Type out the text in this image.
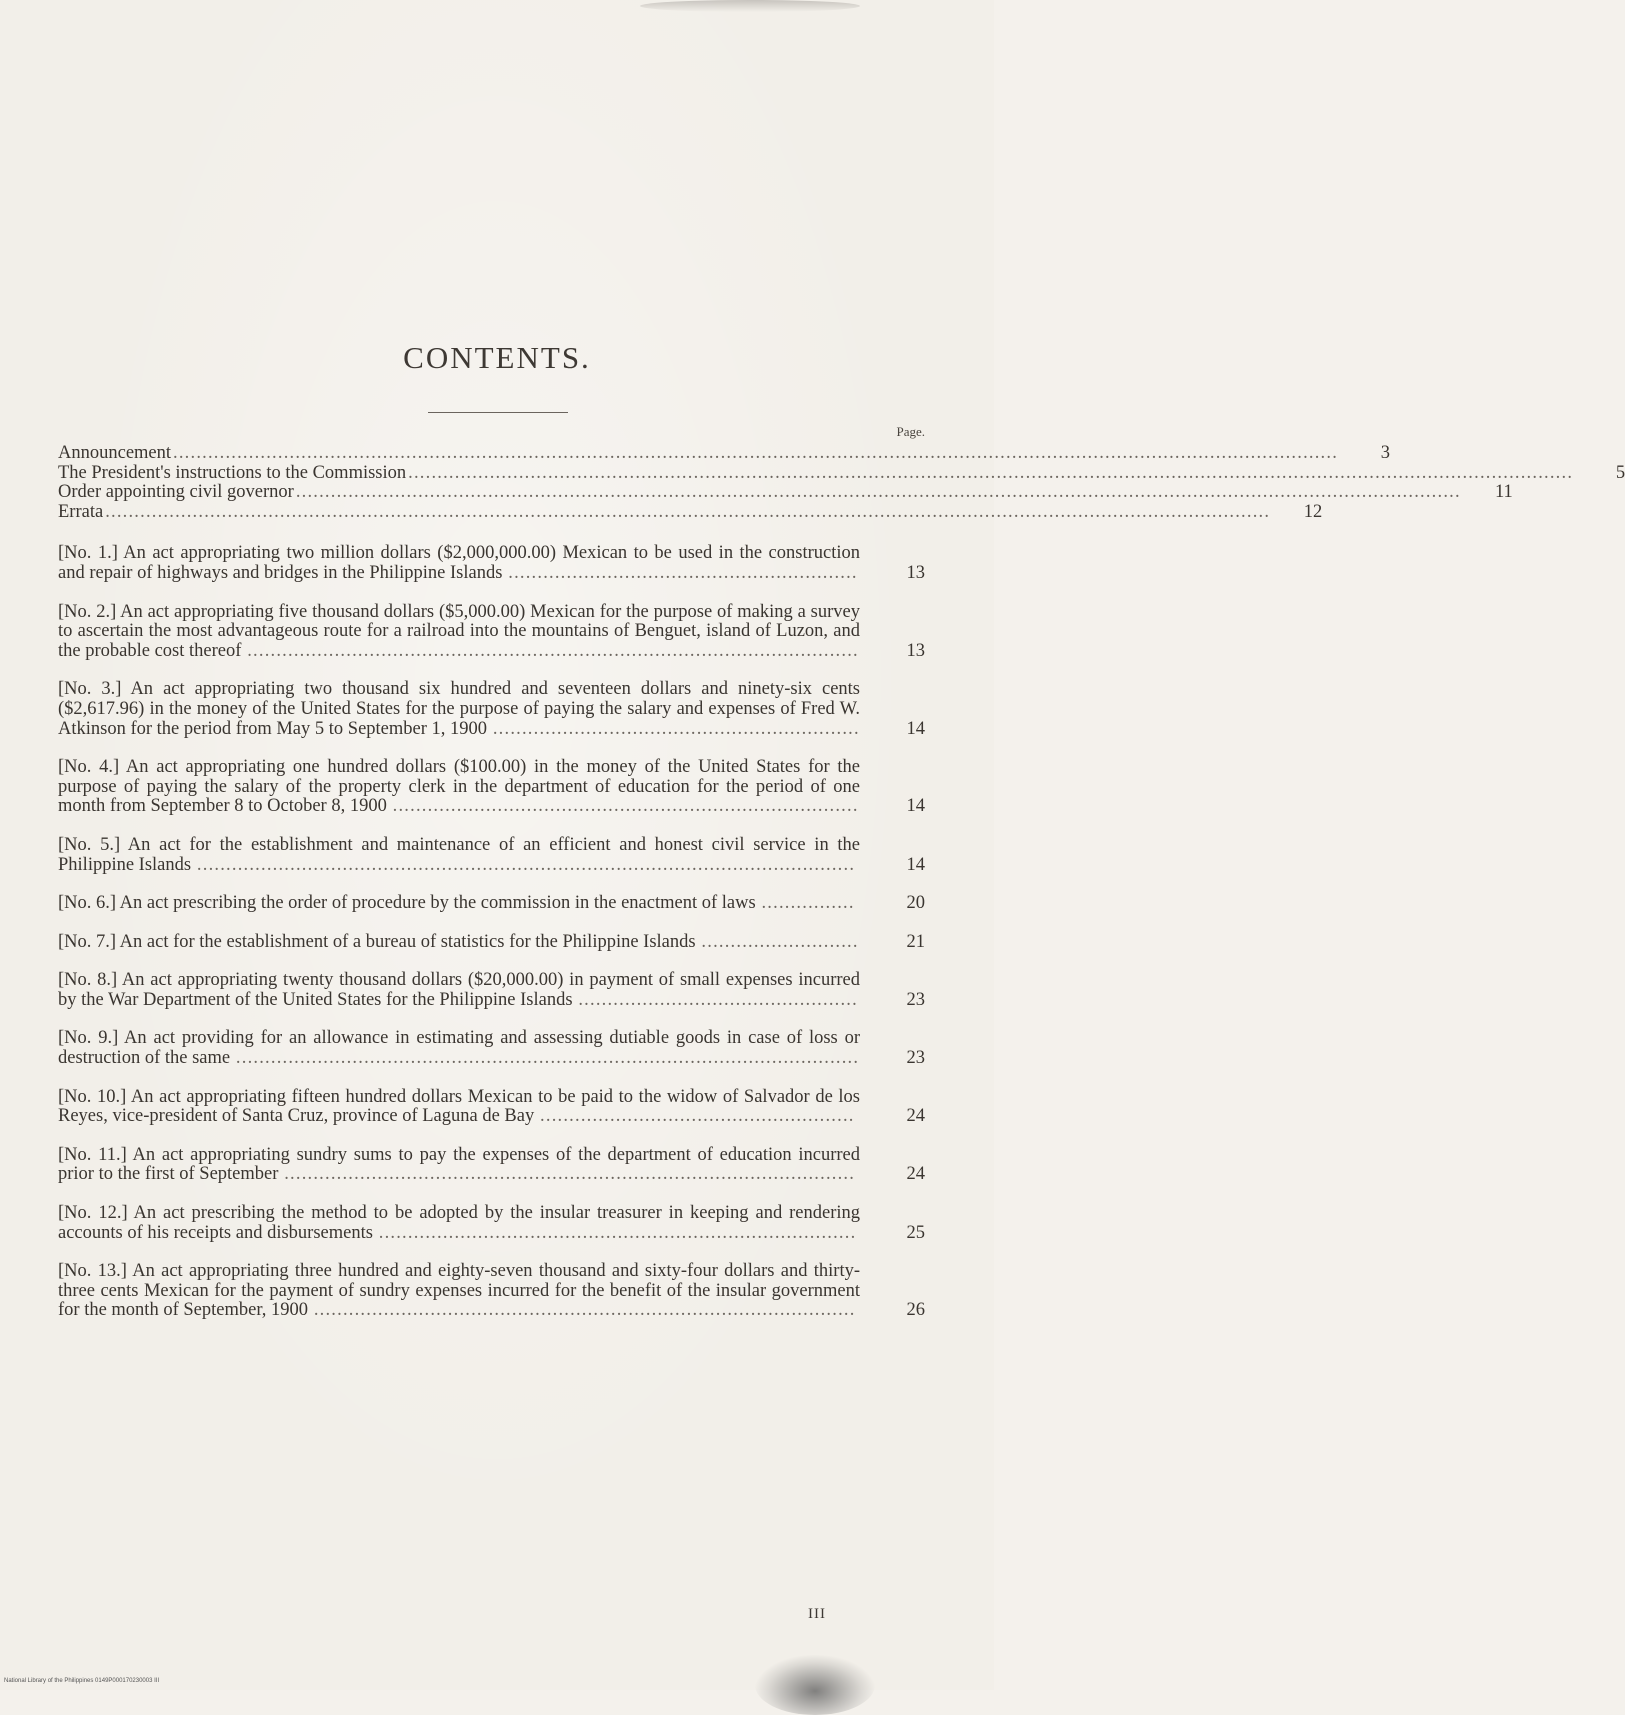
CONTENTS.
Page.
Announcement ........................................................................................................................................................................................................	3
The President's instructions to the Commission ........................................................................................................................................................................................................	5
Order appointing civil governor ........................................................................................................................................................................................................	11
Errata ........................................................................................................................................................................................................	12
[No. 1.] An act appropriating two million dollars ($2,000,000.00) Mexican to be used in the construction and repair of highways and bridges in the Philippine Islands ............................................................	13
[No. 2.] An act appropriating five thousand dollars ($5,000.00) Mexican for the purpose of making a survey to ascertain the most advantageous route for a railroad into the mountains of Benguet, island of Luzon, and the probable cost thereof .........................................................................................................	13
[No. 3.] An act appropriating two thousand six hundred and seventeen dollars and ninety-six cents ($2,617.96) in the money of the United States for the purpose of paying the salary and expenses of Fred W. Atkinson for the period from May 5 to September 1, 1900 ...............................................................	14
[No. 4.] An act appropriating one hundred dollars ($100.00) in the money of the United States for the purpose of paying the salary of the property clerk in the department of education for the period of one month from September 8 to October 8, 1900 ................................................................................	14
[No. 5.] An act for the establishment and maintenance of an efficient and honest civil service in the Philippine Islands .................................................................................................................	14
[No. 6.] An act prescribing the order of procedure by the commission in the enactment of laws ................	20
[No. 7.] An act for the establishment of a bureau of statistics for the Philippine Islands ...........................	21
[No. 8.] An act appropriating twenty thousand dollars ($20,000.00) in payment of small expenses incurred by the War Department of the United States for the Philippine Islands ................................................	23
[No. 9.] An act providing for an allowance in estimating and assessing dutiable goods in case of loss or destruction of the same ...........................................................................................................	23
[No. 10.] An act appropriating fifteen hundred dollars Mexican to be paid to the widow of Salvador de los Reyes, vice-president of Santa Cruz, province of Laguna de Bay ......................................................	24
[No. 11.] An act appropriating sundry sums to pay the expenses of the department of education incurred prior to the first of September ..................................................................................................	24
[No. 12.] An act prescribing the method to be adopted by the insular treasurer in keeping and rendering accounts of his receipts and disbursements ..................................................................................	25
[No. 13.] An act appropriating three hundred and eighty-seven thousand and sixty-four dollars and thirty-three cents Mexican for the payment of sundry expenses incurred for the benefit of the insular government for the month of September, 1900 .............................................................................................	26
III
National Library of the Philippines 0149P000170230003 III
